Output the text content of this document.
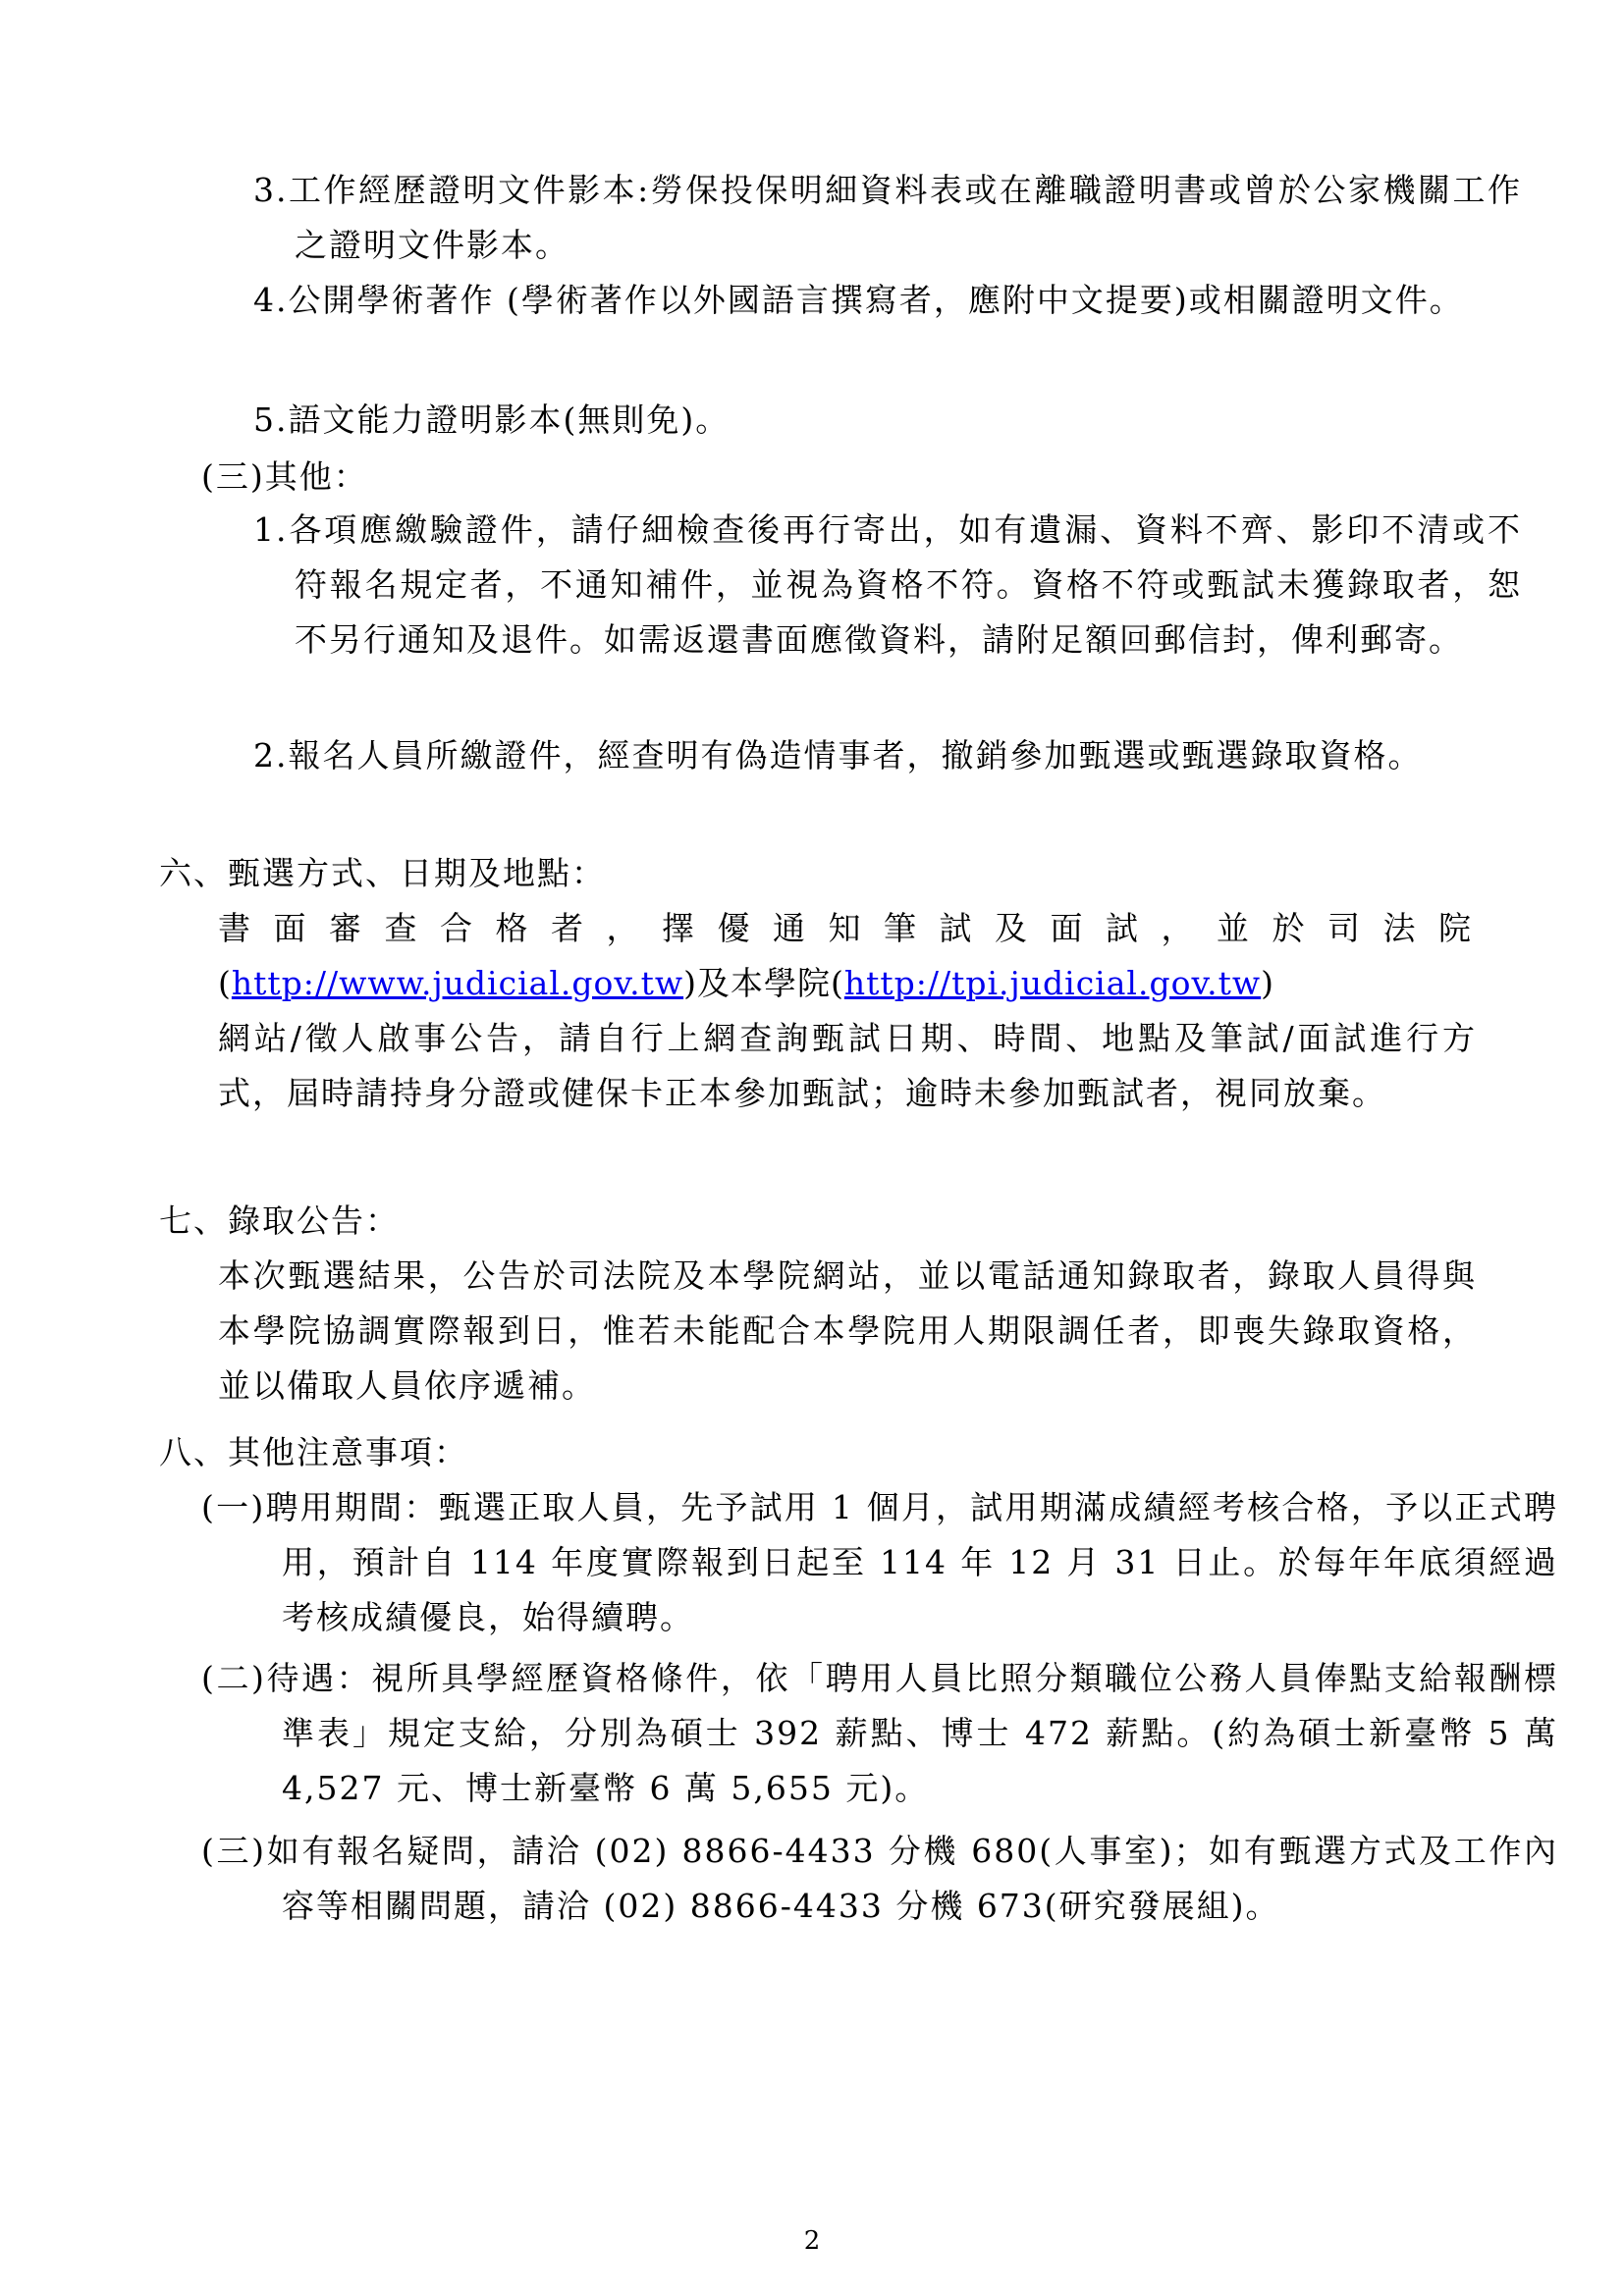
3.工作經歷證明文件影本:勞保投保明細資料表或在離職證明書或曾於公家機關工作之證明文件影本。
4.公開學術著作 (學術著作以外國語言撰寫者，應附中文提要)或相關證明文件。
5.語文能力證明影本(無則免)。
(三)其他：
1.各項應繳驗證件，請仔細檢查後再行寄出，如有遺漏、資料不齊、影印不清或不符報名規定者，不通知補件，並視為資格不符。資格不符或甄試未獲錄取者，恕不另行通知及退件。如需返還書面應徵資料，請附足額回郵信封，俾利郵寄。
2.報名人員所繳證件，經查明有偽造情事者，撤銷參加甄選或甄選錄取資格。
六、甄選方式、日期及地點：
書面審查合格者，擇優通知筆試及面試，並於司法院
(http://www.judicial.gov.tw)及本學院(http://tpi.judicial.gov.tw)
網站/徵人啟事公告，請自行上網查詢甄試日期、時間、地點及筆試/面試進行方式，屆時請持身分證或健保卡正本參加甄試；逾時未參加甄試者，視同放棄。
七、錄取公告：
本次甄選結果，公告於司法院及本學院網站，並以電話通知錄取者，錄取人員得與本學院協調實際報到日，惟若未能配合本學院用人期限調任者，即喪失錄取資格，並以備取人員依序遞補。
八、其他注意事項：
(一)聘用期間：甄選正取人員，先予試用 1 個月，試用期滿成績經考核合格，予以正式聘用，預計自 114 年度實際報到日起至 114 年 12 月 31 日止。於每年年底須經過考核成績優良，始得續聘。
(二)待遇：視所具學經歷資格條件，依「聘用人員比照分類職位公務人員俸點支給報酬標準表」規定支給，分別為碩士 392 薪點、博士 472 薪點。(約為碩士新臺幣 5 萬 4,527 元、博士新臺幣 6 萬 5,655 元)。
(三)如有報名疑問，請洽 (02) 8866-4433 分機 680(人事室)；如有甄選方式及工作內容等相關問題，請洽 (02) 8866-4433 分機 673(研究發展組)。
2
